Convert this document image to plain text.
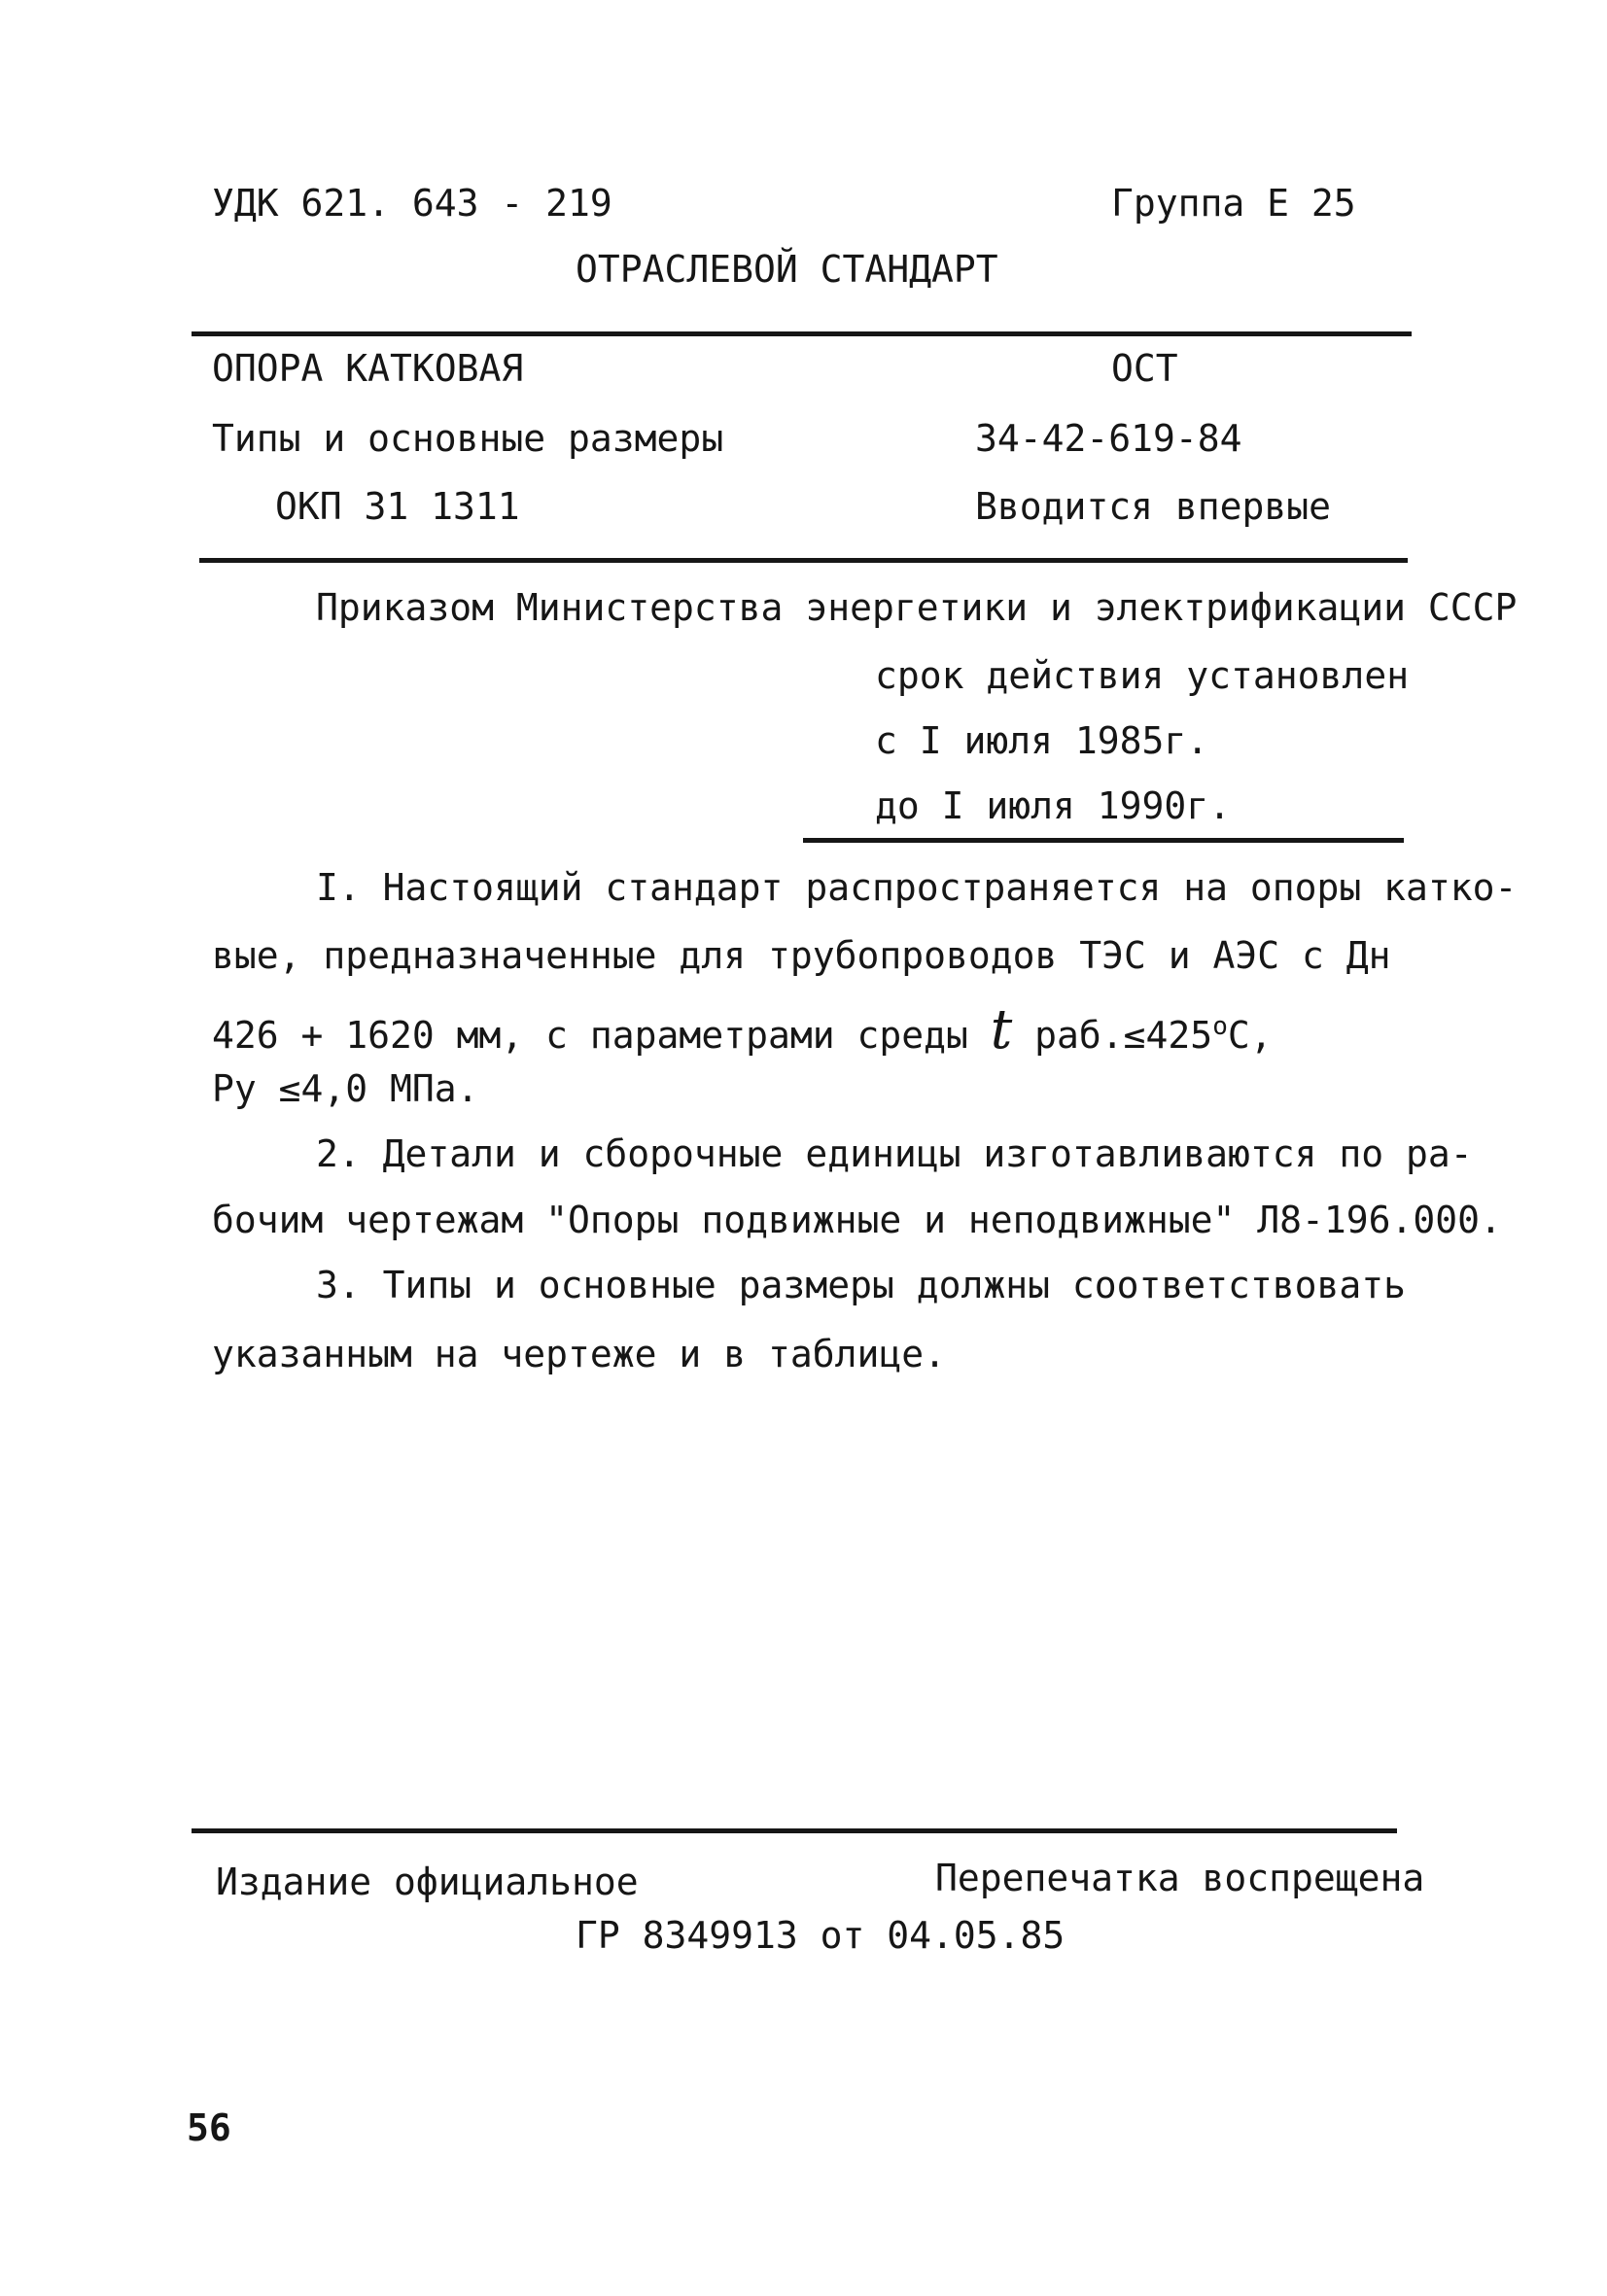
УДК 621. 643 - 219	Группа Е 25
ОТРАСЛЕВОЙ СТАНДАРТ
ОПОРА КАТКОВАЯ	ОСТ
Типы и основные размеры	34-42-619-84
ОКП 31 1311	Вводится впервые
Приказом Министерства энергетики и электрификации СССР
срок действия установлен
с I июля 1985г.
до I июля 1990г.
I. Настоящий стандарт распространяется на опоры катко-
вые, предназначенные для трубопроводов ТЭС и АЭС с Дн
426 + 1620 мм, с параметрами среды t $раб.\le 425^оС$,
Ру ≤4,0 МПа.
2. Детали и сборочные единицы изготавливаются по ра-
бочим чертежам "Опоры подвижные и неподвижные" Л8-196.000.
3. Типы и основные размеры должны соответствовать
указанным на чертеже и в таблице.
Издание официальное	Перепечатка воспрещена
ГР 8349913 от 04.05.85
56
